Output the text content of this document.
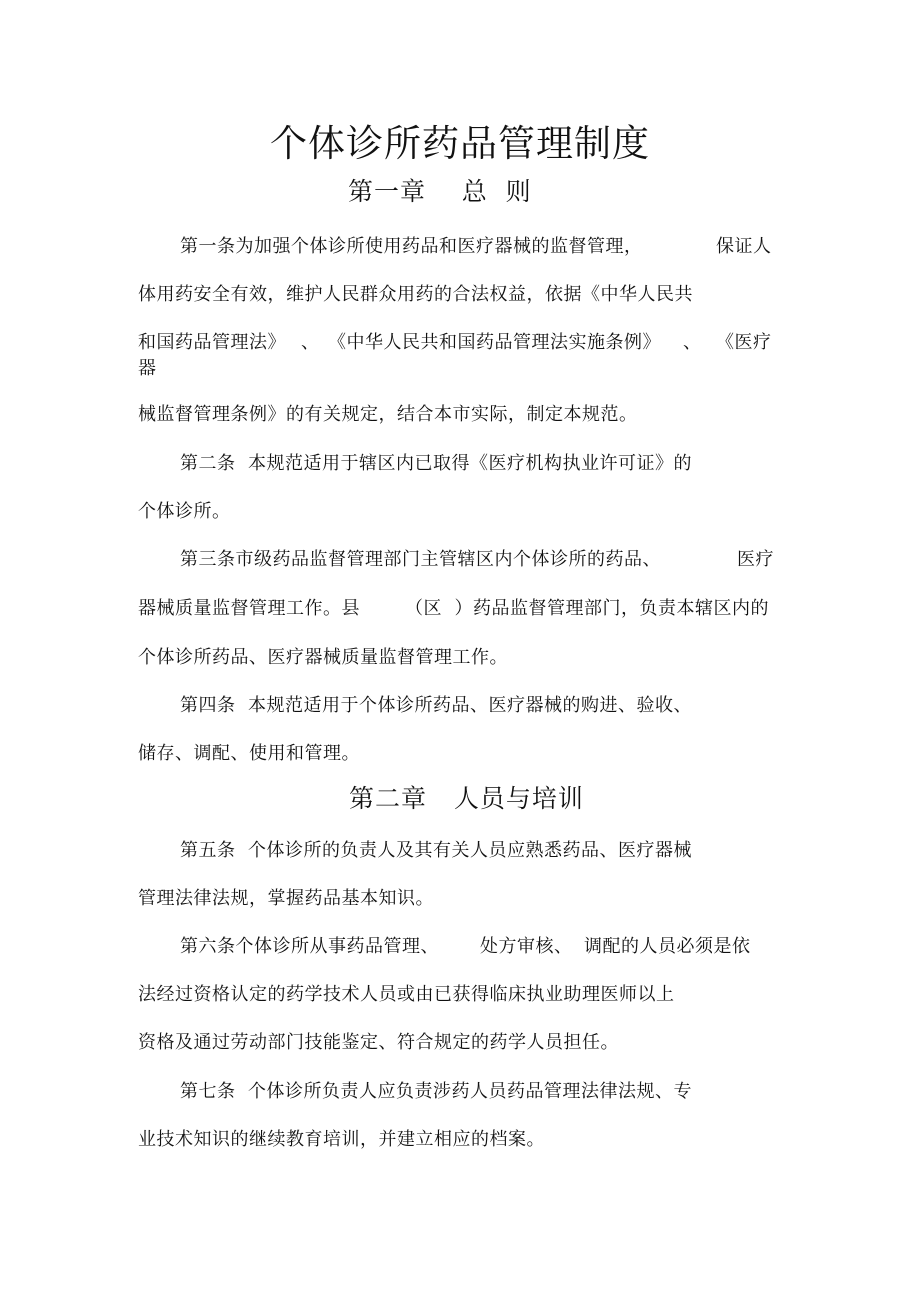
个体诊所药品管理制度
第一章    总  则
第一条为加强个体诊所使用药品和医疗器械的监督管理，	保证人
体用药安全有效，维护人民群众用药的合法权益，依据《中华人民共
和国药品管理法》 、 《中华人民共和国药品管理法实施条例》 、 《医疗
器
械监督管理条例》的有关规定，结合本市实际，制定本规范。
第二条  本规范适用于辖区内已取得《医疗机构执业许可证》的
个体诊所。
第三条市级药品监督管理部门主管辖区内个体诊所的药品、	医疗
器械质量监督管理工作。县	（区  ）药品监督管理部门，负责本辖区内的
个体诊所药品、医疗器械质量监督管理工作。
第四条  本规范适用于个体诊所药品、医疗器械的购进、验收、
储存、调配、使用和管理。
第二章   人员与培训
第五条  个体诊所的负责人及其有关人员应熟悉药品、医疗器械
管理法律法规，掌握药品基本知识。
第六条个体诊所从事药品管理、 处方审核、 调配的人员必须是依
法经过资格认定的药学技术人员或由已获得临床执业助理医师以上
资格及通过劳动部门技能鉴定、符合规定的药学人员担任。
第七条  个体诊所负责人应负责涉药人员药品管理法律法规、专
业技术知识的继续教育培训，并建立相应的档案。
